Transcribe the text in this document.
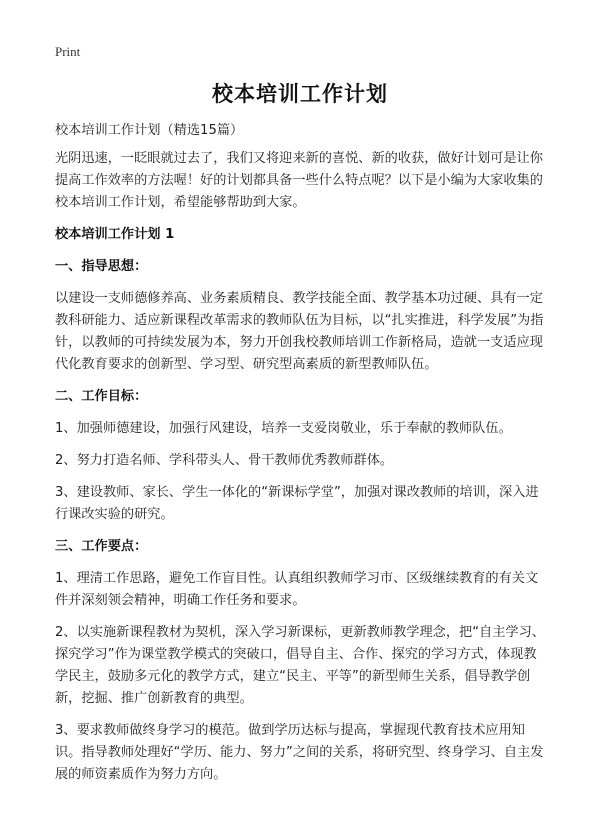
Print
校本培训工作计划

校本培训工作计划（精选15篇）

光阴迅速，一眨眼就过去了，我们又将迎来新的喜悦、新的收获，做好计划可是让你提高工作效率的方法喔！好的计划都具备一些什么特点呢？以下是小编为大家收集的校本培训工作计划，希望能够帮助到大家。

校本培训工作计划 1

一、指导思想：

以建设一支师德修养高、业务素质精良、教学技能全面、教学基本功过硬、具有一定教科研能力、适应新课程改革需求的教师队伍为目标，以“扎实推进，科学发展”为指针，以教师的可持续发展为本，努力开创我校教师培训工作新格局，造就一支适应现代化教育要求的创新型、学习型、研究型高素质的新型教师队伍。

二、工作目标：

1、加强师德建设，加强行风建设，培养一支爱岗敬业，乐于奉献的教师队伍。

2、努力打造名师、学科带头人、骨干教师优秀教师群体。

3、建设教师、家长、学生一体化的“新课标学堂”，加强对课改教师的培训，深入进行课改实验的研究。

三、工作要点：

1、理清工作思路，避免工作盲目性。认真组织教师学习市、区级继续教育的有关文件并深刻领会精神，明确工作任务和要求。

2、以实施新课程教材为契机，深入学习新课标，更新教师教学理念，把“自主学习、探究学习”作为课堂教学模式的突破口，倡导自主、合作、探究的学习方式，体现教学民主，鼓励多元化的教学方式，建立“民主、平等”的新型师生关系，倡导教学创新，挖掘、推广创新教育的典型。

3、要求教师做终身学习的模范。做到学历达标与提高，掌握现代教育技术应用知识。指导教师处理好“学历、能力、努力”之间的关系，将研究型、终身学习、自主发展的师资素质作为努力方向。
